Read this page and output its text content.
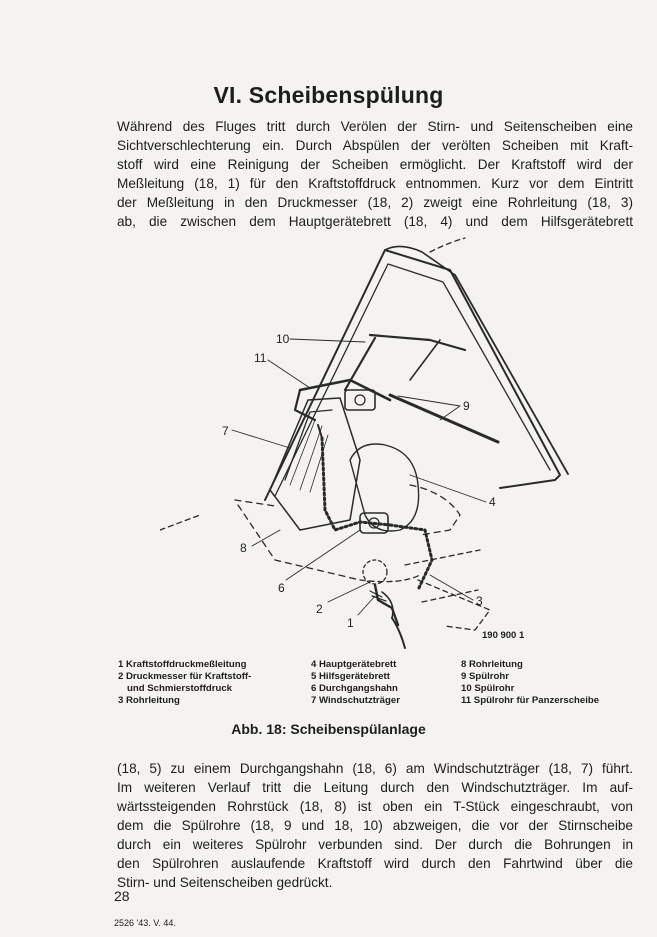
VI. Scheibenspülung
Während des Fluges tritt durch Verölen der Stirn- und Seitenscheiben eine
Sichtverschlechterung ein. Durch Abspülen der verölten Scheiben mit Kraft-
stoff wird eine Reinigung der Scheiben ermöglicht. Der Kraftstoff wird der
Meßleitung (18, 1) für den Kraftstoffdruck entnommen. Kurz vor dem Eintritt
der Meßleitung in den Druckmesser (18, 2) zweigt eine Rohrleitung (18, 3)
ab, die zwischen dem Hauptgerätebrett (18, 4) und dem Hilfsgerätebrett
10
11
7
9
4
8
6
2
3
1
190 900 1
1 Kraftstoffdruckmeßleitung
2 Druckmesser für Kraftstoff-
und Schmierstoffdruck
3 Rohrleitung
4 Hauptgerätebrett
5 Hilfsgerätebrett
6 Durchgangshahn
7 Windschutzträger
8 Rohrleitung
9 Spülrohr
10 Spülrohr
11 Spülrohr für Panzerscheibe
Abb. 18: Scheibenspülanlage
(18, 5) zu einem Durchgangshahn (18, 6) am Windschutzträger (18, 7) führt.
Im weiteren Verlauf tritt die Leitung durch den Windschutzträger. Im auf-
wärtssteigenden Rohrstück (18, 8) ist oben ein T-Stück eingeschraubt, von
dem die Spülrohre (18, 9 und 18, 10) abzweigen, die vor der Stirnscheibe
durch ein weiteres Spülrohr verbunden sind. Der durch die Bohrungen in
den Spülrohren auslaufende Kraftstoff wird durch den Fahrtwind über die
Stirn- und Seitenscheiben gedrückt.
28
2526 '43. V. 44.
